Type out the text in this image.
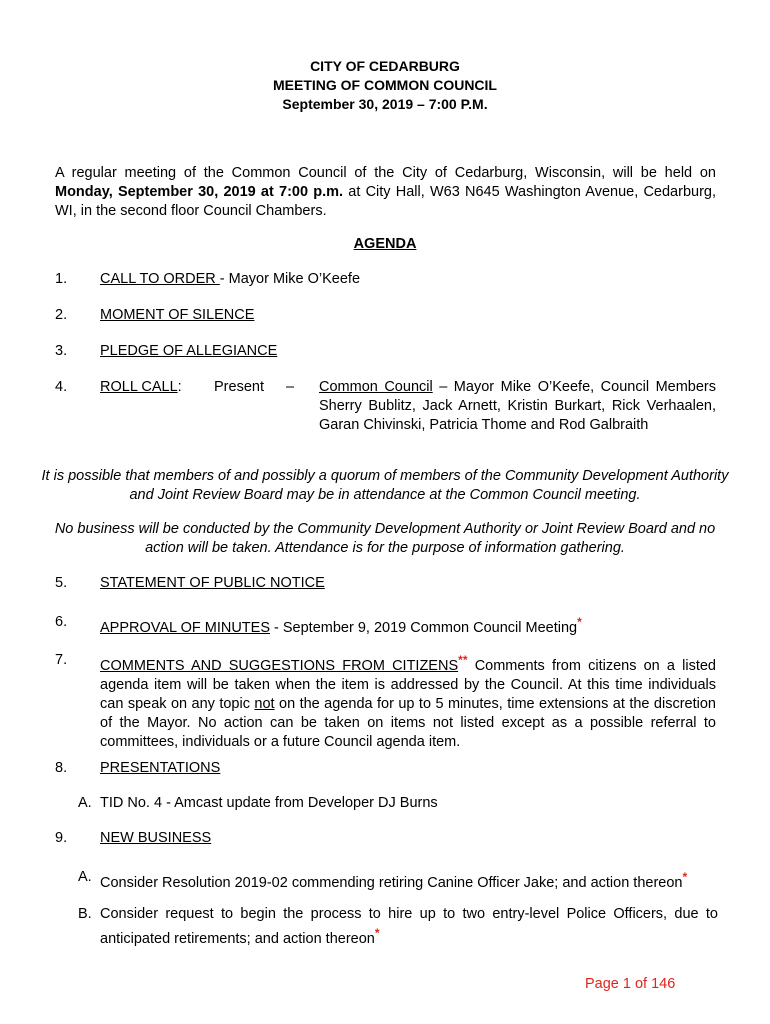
CITY OF CEDARBURG
MEETING OF COMMON COUNCIL
September 30, 2019 – 7:00 P.M.
A regular meeting of the Common Council of the City of Cedarburg, Wisconsin, will be held on Monday, September 30, 2019 at 7:00 p.m. at City Hall, W63 N645 Washington Avenue, Cedarburg, WI, in the second floor Council Chambers.
AGENDA
1. CALL TO ORDER - Mayor Mike O’Keefe
2. MOMENT OF SILENCE
3. PLEDGE OF ALLEGIANCE
4. ROLL CALL: Present – Common Council – Mayor Mike O’Keefe, Council Members Sherry Bublitz, Jack Arnett, Kristin Burkart, Rick Verhaalen, Garan Chivinski, Patricia Thome and Rod Galbraith
It is possible that members of and possibly a quorum of members of the Community Development Authority and Joint Review Board may be in attendance at the Common Council meeting.
No business will be conducted by the Community Development Authority or Joint Review Board and no action will be taken. Attendance is for the purpose of information gathering.
5. STATEMENT OF PUBLIC NOTICE
6. APPROVAL OF MINUTES - September 9, 2019 Common Council Meeting*
7. COMMENTS AND SUGGESTIONS FROM CITIZENS** Comments from citizens on a listed agenda item will be taken when the item is addressed by the Council. At this time individuals can speak on any topic not on the agenda for up to 5 minutes, time extensions at the discretion of the Mayor. No action can be taken on items not listed except as a possible referral to committees, individuals or a future Council agenda item.
8. PRESENTATIONS
A. TID No. 4 - Amcast update from Developer DJ Burns
9. NEW BUSINESS
A. Consider Resolution 2019-02 commending retiring Canine Officer Jake; and action thereon*
B. Consider request to begin the process to hire up to two entry-level Police Officers, due to anticipated retirements; and action thereon*
Page 1 of 146
